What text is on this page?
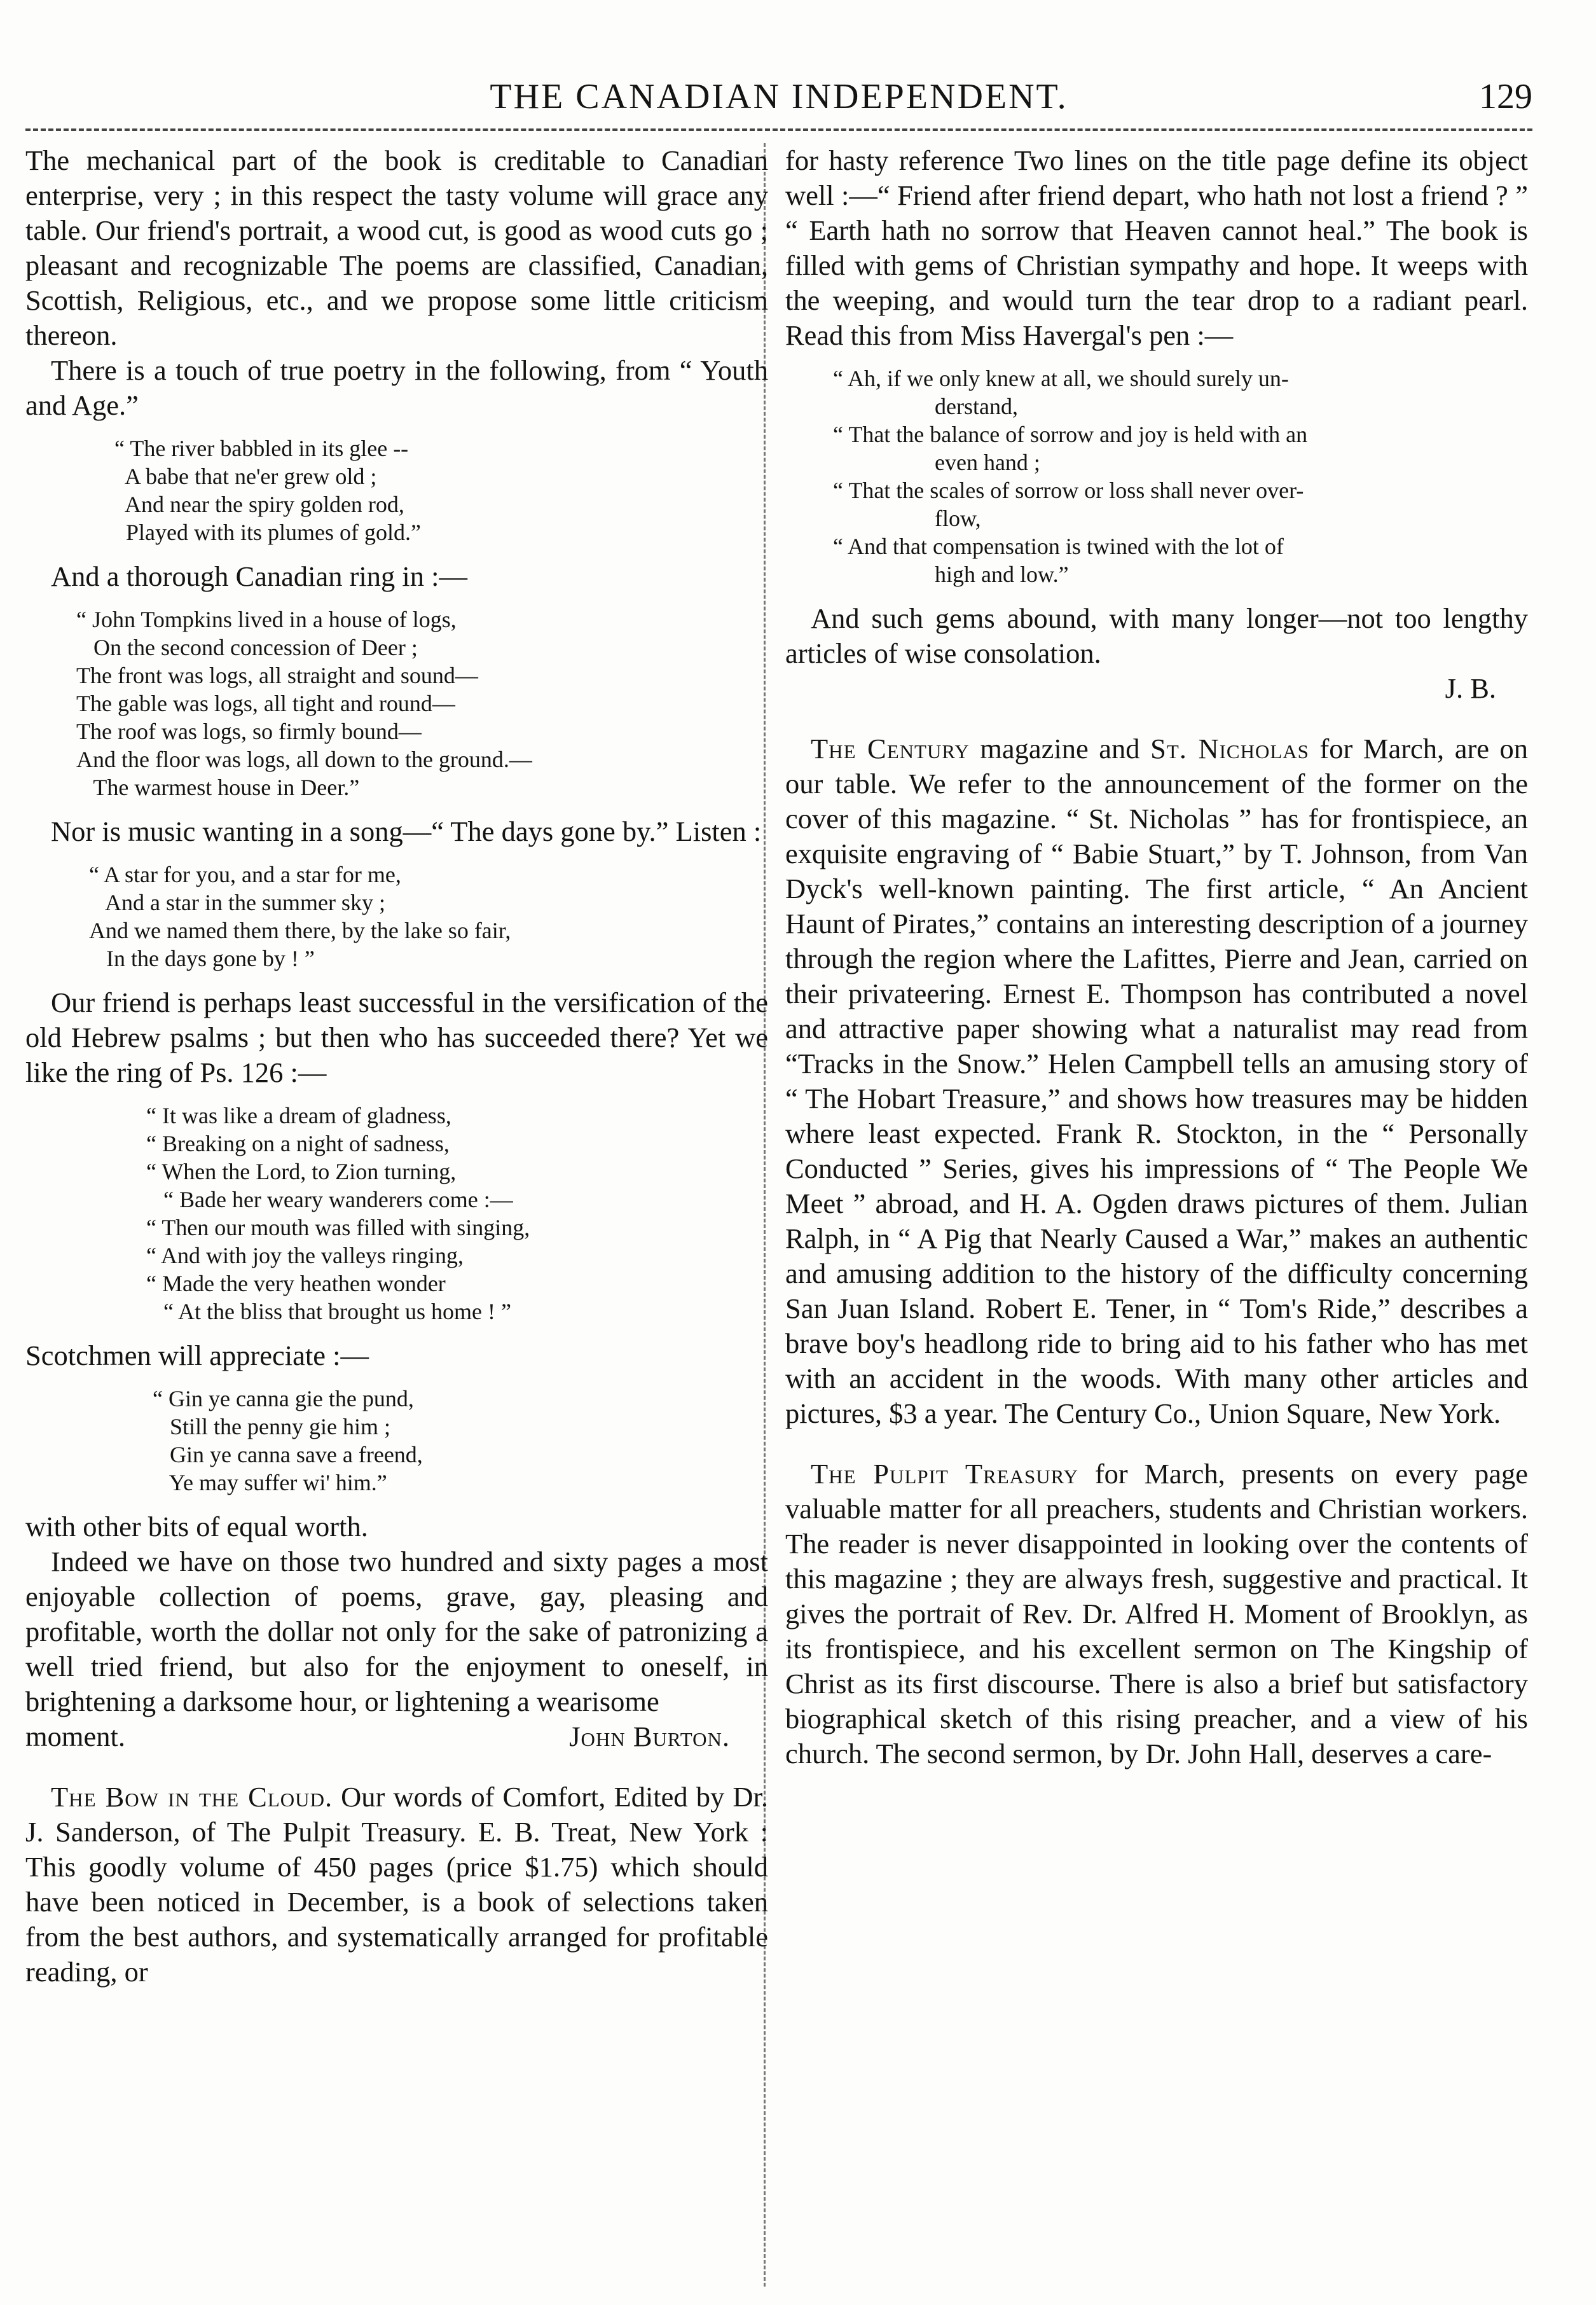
THE CANADIAN INDEPENDENT.	129

The mechanical part of the book is creditable to Canadian enterprise, very ; in this respect the tasty volume will grace any table. Our friend's portrait, a wood cut, is good as wood cuts go ; pleasant and recognizable The poems are classified, Canadian, Scottish, Religious, etc., and we propose some little criticism thereon.

There is a touch of true poetry in the following, from “ Youth and Age.”

“ The river babbled in its glee --
A babe that ne'er grew old ;
And near the spiry golden rod,
Played with its plumes of gold.”

And a thorough Canadian ring in :—

“ John Tompkins lived in a house of logs,
On the second concession of Deer ;
The front was logs, all straight and sound—
The gable was logs, all tight and round—
The roof was logs, so firmly bound—
And the floor was logs, all down to the ground.—
The warmest house in Deer.”

Nor is music wanting in a song—“ The days gone by.” Listen :

“ A star for you, and a star for me,
And a star in the summer sky ;
And we named them there, by the lake so fair,
In the days gone by ! ”

Our friend is perhaps least successful in the versification of the old Hebrew psalms ; but then who has succeeded there? Yet we like the ring of Ps. 126 :—

“ It was like a dream of gladness,
“ Breaking on a night of sadness,
“ When the Lord, to Zion turning,
“ Bade her weary wanderers come :—
“ Then our mouth was filled with singing,
“ And with joy the valleys ringing,
“ Made the very heathen wonder
“ At the bliss that brought us home ! ”

Scotchmen will appreciate :—

“ Gin ye canna gie the pund,
Still the penny gie him ;
Gin ye canna save a freend,
Ye may suffer wi' him.”

with other bits of equal worth.

Indeed we have on those two hundred and sixty pages a most enjoyable collection of poems, grave, gay, pleasing and profitable, worth the dollar not only for the sake of patronizing a well tried friend, but also for the enjoyment to oneself, in brightening a darksome hour, or lightening a wearisome

moment.	John Burton.

The Bow in the Cloud. Our words of Comfort, Edited by Dr. J. Sanderson, of The Pulpit Treasury. E. B. Treat, New York : This goodly volume of 450 pages (price $1.75) which should have been noticed in December, is a book of selections taken from the best authors, and systematically arranged for profitable reading, or

for hasty reference Two lines on the title page define its object well :—“ Friend after friend depart, who hath not lost a friend ? ” “ Earth hath no sorrow that Heaven cannot heal.” The book is filled with gems of Christian sympathy and hope. It weeps with the weeping, and would turn the tear drop to a radiant pearl. Read this from Miss Havergal's pen :—

“ Ah, if we only knew at all, we should surely un-
derstand,
“ That the balance of sorrow and joy is held with an
even hand ;
“ That the scales of sorrow or loss shall never over-
flow,
“ And that compensation is twined with the lot of
high and low.”

And such gems abound, with many longer—not too lengthy articles of wise consolation.

J. B.

The Century magazine and St. Nicholas for March, are on our table. We refer to the announcement of the former on the cover of this magazine. “ St. Nicholas ” has for frontispiece, an exquisite engraving of “ Babie Stuart,” by T. Johnson, from Van Dyck's well-known painting. The first article, “ An Ancient Haunt of Pirates,” contains an interesting description of a journey through the region where the Lafittes, Pierre and Jean, carried on their privateering. Ernest E. Thompson has contributed a novel and attractive paper showing what a naturalist may read from “Tracks in the Snow.” Helen Campbell tells an amusing story of “ The Hobart Treasure,” and shows how treasures may be hidden where least expected. Frank R. Stockton, in the “ Personally Conducted ” Series, gives his impressions of “ The People We Meet ” abroad, and H. A. Ogden draws pictures of them. Julian Ralph, in “ A Pig that Nearly Caused a War,” makes an authentic and amusing addition to the history of the difficulty concerning San Juan Island. Robert E. Tener, in “ Tom's Ride,” describes a brave boy's headlong ride to bring aid to his father who has met with an accident in the woods. With many other articles and pictures, $3 a year. The Century Co., Union Square, New York.

The Pulpit Treasury for March, presents on every page valuable matter for all preachers, students and Christian workers. The reader is never disappointed in looking over the contents of this magazine ; they are always fresh, suggestive and practical. It gives the portrait of Rev. Dr. Alfred H. Moment of Brooklyn, as its frontispiece, and his excellent sermon on The Kingship of Christ as its first discourse. There is also a brief but satisfactory biographical sketch of this rising preacher, and a view of his church. The second sermon, by Dr. John Hall, deserves a care-
